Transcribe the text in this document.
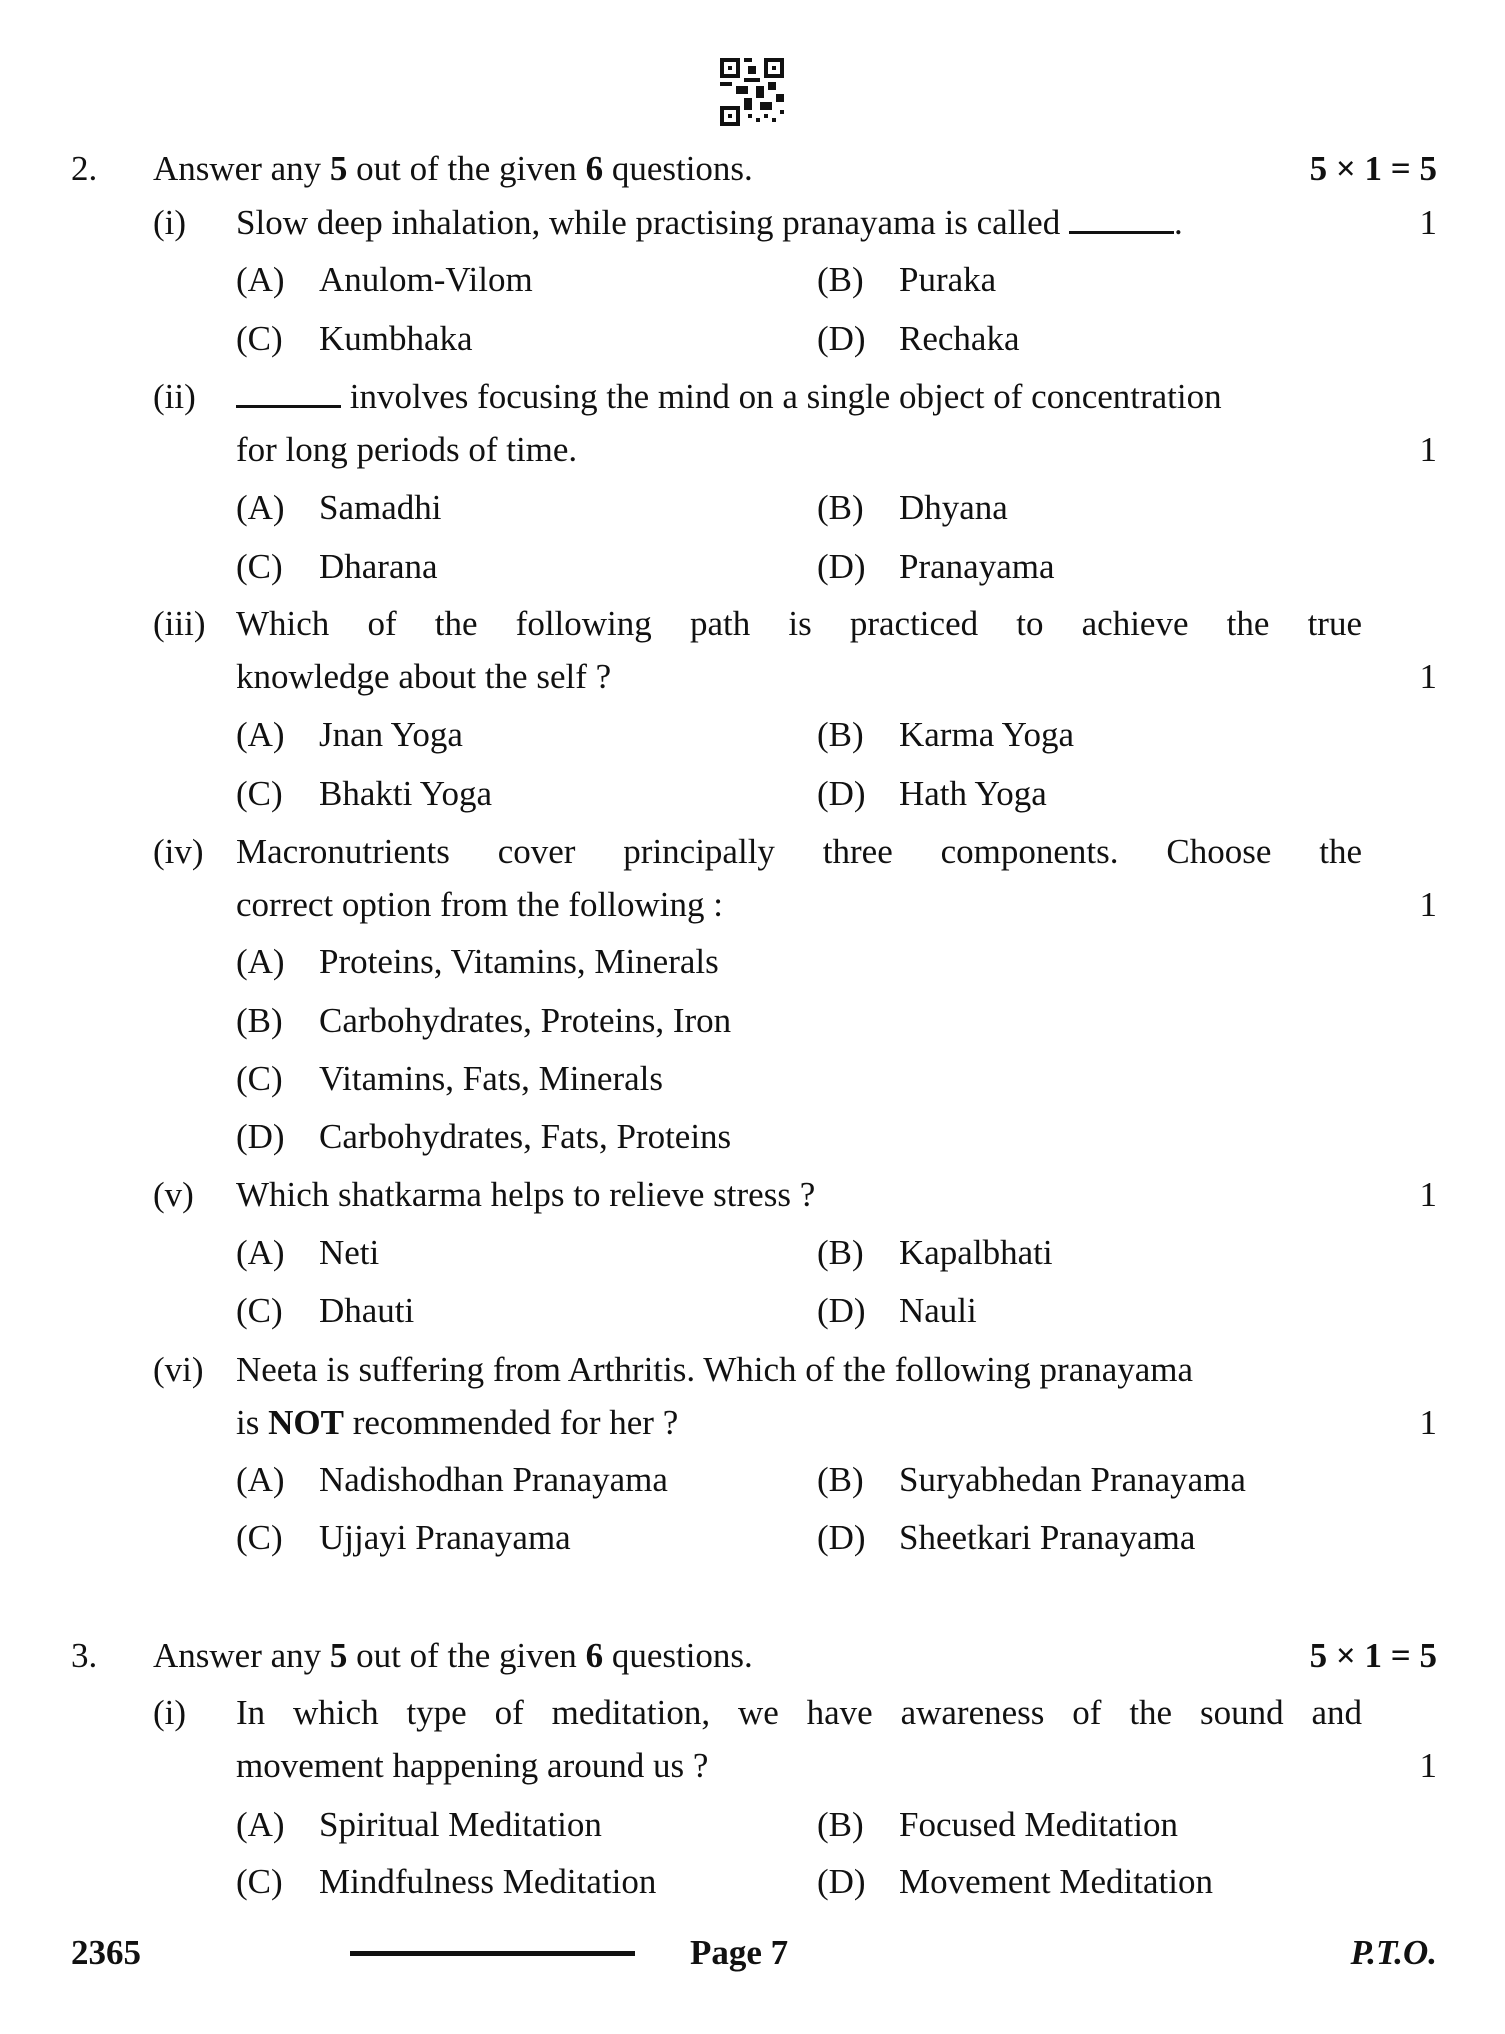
2. Answer any 5 out of the given 6 questions.	5 × 1 = 5
(i) Slow deep inhalation, while practising pranayama is called	.	1
(A) Anulom-Vilom	(B) Puraka
(C) Kumbhaka	(D) Rechaka
(ii)	involves focusing the mind on a single object of concentration
for long periods of time.	1
(A) Samadhi	(B) Dhyana
(C) Dharana	(D) Pranayama
(iii) Which of the following path is practiced to achieve the true
knowledge about the self ?	1
(A) Jnan Yoga	(B) Karma Yoga
(C) Bhakti Yoga	(D) Hath Yoga
(iv) Macronutrients cover principally three components. Choose the
correct option from the following :	1
(A) Proteins, Vitamins, Minerals
(B) Carbohydrates, Proteins, Iron
(C) Vitamins, Fats, Minerals
(D) Carbohydrates, Fats, Proteins
(v) Which shatkarma helps to relieve stress ?	1
(A) Neti	(B) Kapalbhati
(C) Dhauti	(D) Nauli
(vi) Neeta is suffering from Arthritis. Which of the following pranayama
is NOT recommended for her ?	1
(A) Nadishodhan Pranayama	(B) Suryabhedan Pranayama
(C) Ujjayi Pranayama	(D) Sheetkari Pranayama
3. Answer any 5 out of the given 6 questions.	5 × 1 = 5
(i) In which type of meditation, we have awareness of the sound and
movement happening around us ?	1
(A) Spiritual Meditation	(B) Focused Meditation
(C) Mindfulness Meditation	(D) Movement Meditation
2365	Page 7	P.T.O.
